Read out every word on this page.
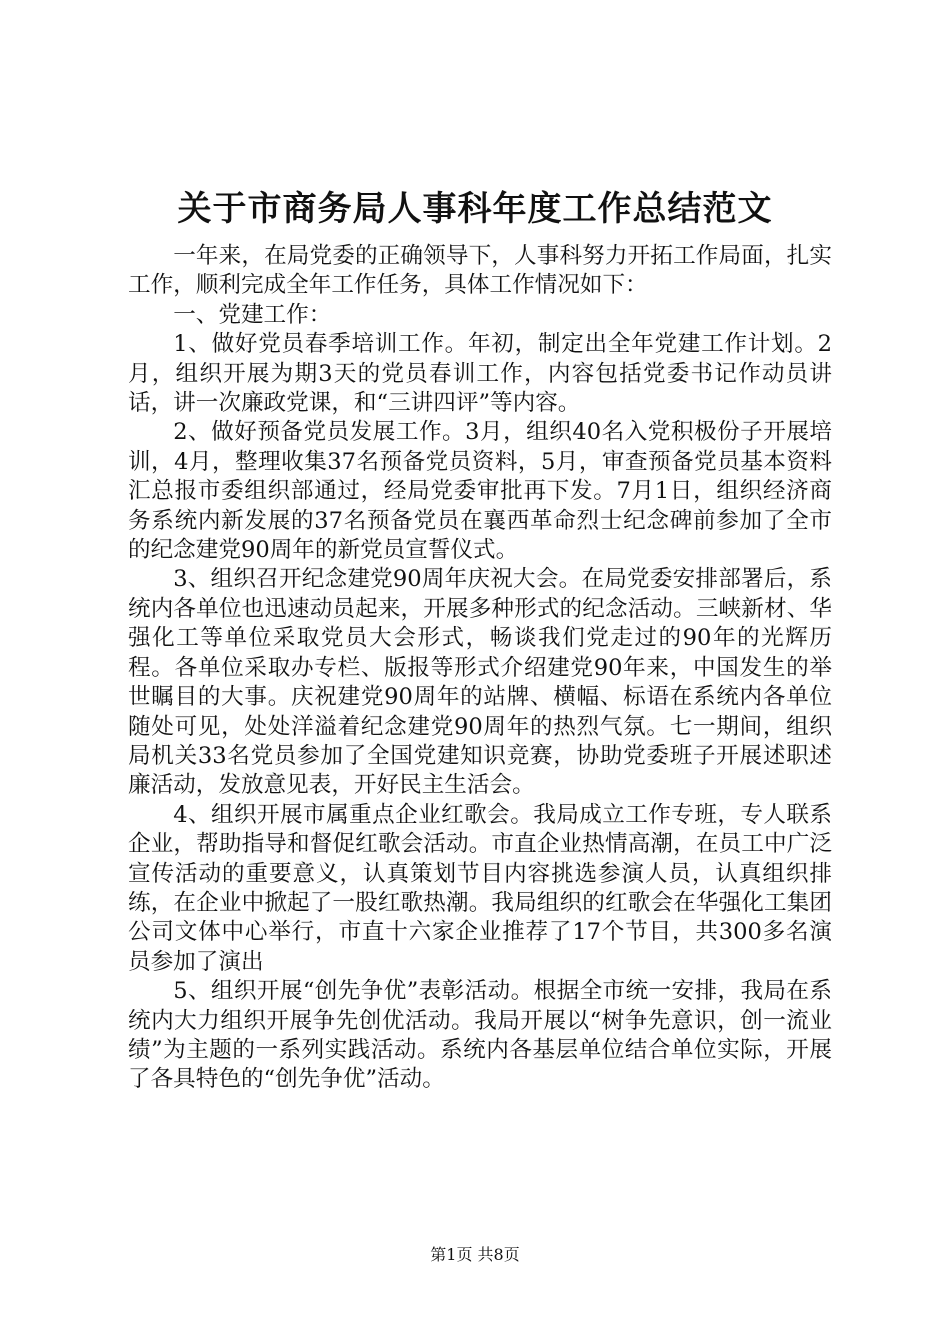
关于市商务局人事科年度工作总结范文

一年来，在局党委的正确领导下，人事科努力开拓工作局面，扎实工作，顺利完成全年工作任务，具体工作情况如下：

一、党建工作：

1、做好党员春季培训工作。年初，制定出全年党建工作计划。2月，组织开展为期3天的党员春训工作，内容包括党委书记作动员讲话，讲一次廉政党课，和“三讲四评”等内容。

2、做好预备党员发展工作。3月，组织40名入党积极份子开展培训，4月，整理收集37名预备党员资料，5月，审查预备党员基本资料汇总报市委组织部通过，经局党委审批再下发。7月1日，组织经济商务系统内新发展的37名预备党员在襄西革命烈士纪念碑前参加了全市的纪念建党90周年的新党员宣誓仪式。

3、组织召开纪念建党90周年庆祝大会。在局党委安排部署后，系统内各单位也迅速动员起来，开展多种形式的纪念活动。三峡新材、华强化工等单位采取党员大会形式，畅谈我们党走过的90年的光辉历程。各单位采取办专栏、版报等形式介绍建党90年来，中国发生的举世瞩目的大事。庆祝建党90周年的站牌、横幅、标语在系统内各单位随处可见，处处洋溢着纪念建党90周年的热烈气氛。七一期间，组织局机关33名党员参加了全国党建知识竞赛，协助党委班子开展述职述廉活动，发放意见表，开好民主生活会。

4、组织开展市属重点企业红歌会。我局成立工作专班，专人联系企业，帮助指导和督促红歌会活动。市直企业热情高潮，在员工中广泛宣传活动的重要意义，认真策划节目内容挑选参演人员，认真组织排练，在企业中掀起了一股红歌热潮。我局组织的红歌会在华强化工集团公司文体中心举行，市直十六家企业推荐了17个节目，共300多名演员参加了演出

5、组织开展“创先争优”表彰活动。根据全市统一安排，我局在系统内大力组织开展争先创优活动。我局开展以“树争先意识，创一流业绩”为主题的一系列实践活动。系统内各基层单位结合单位实际，开展了各具特色的“创先争优”活动。

第1页 共8页
